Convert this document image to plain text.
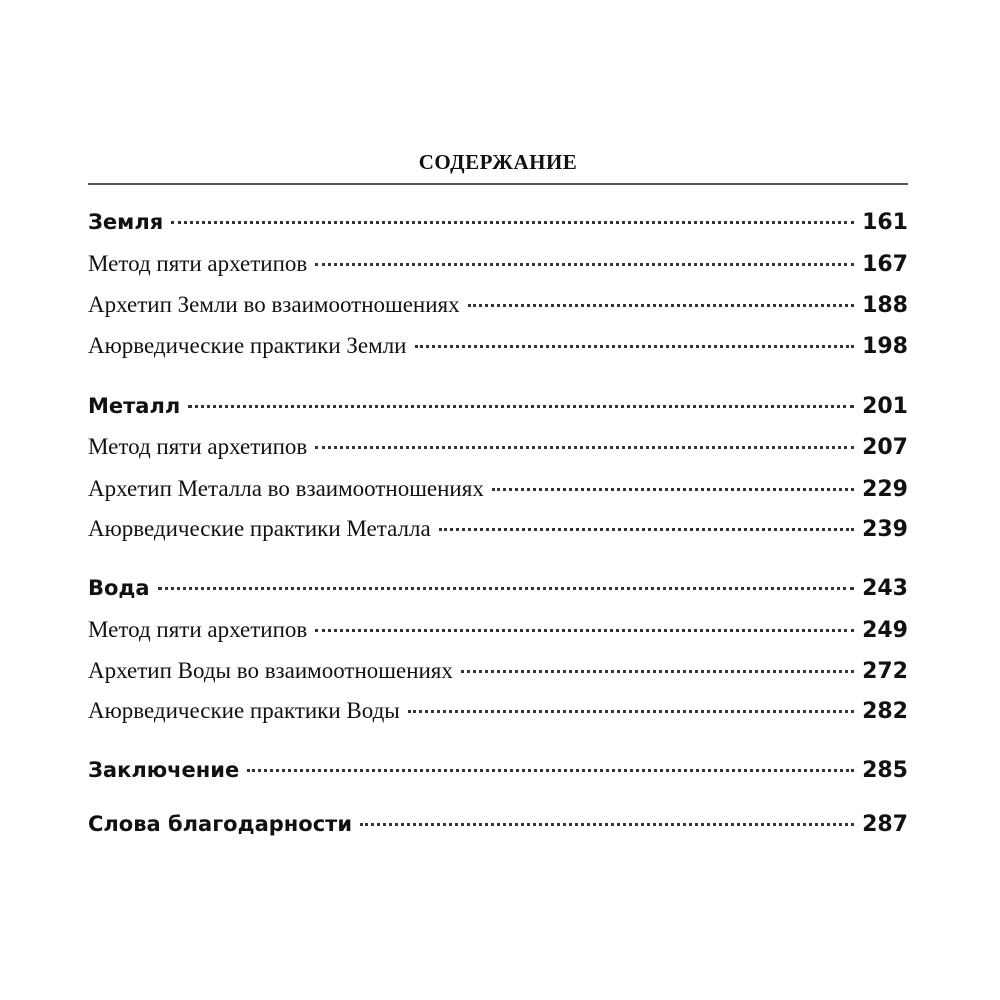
СОДЕРЖАНИЕ
Земля	161
Метод пяти архетипов	167
Архетип Земли во взаимоотношениях	188
Аюрведические практики Земли	198
Металл	201
Метод пяти архетипов	207
Архетип Металла во взаимоотношениях	229
Аюрведические практики Металла	239
Вода	243
Метод пяти архетипов	249
Архетип Воды во взаимоотношениях	272
Аюрведические практики Воды	282
Заключение	285
Слова благодарности	287
